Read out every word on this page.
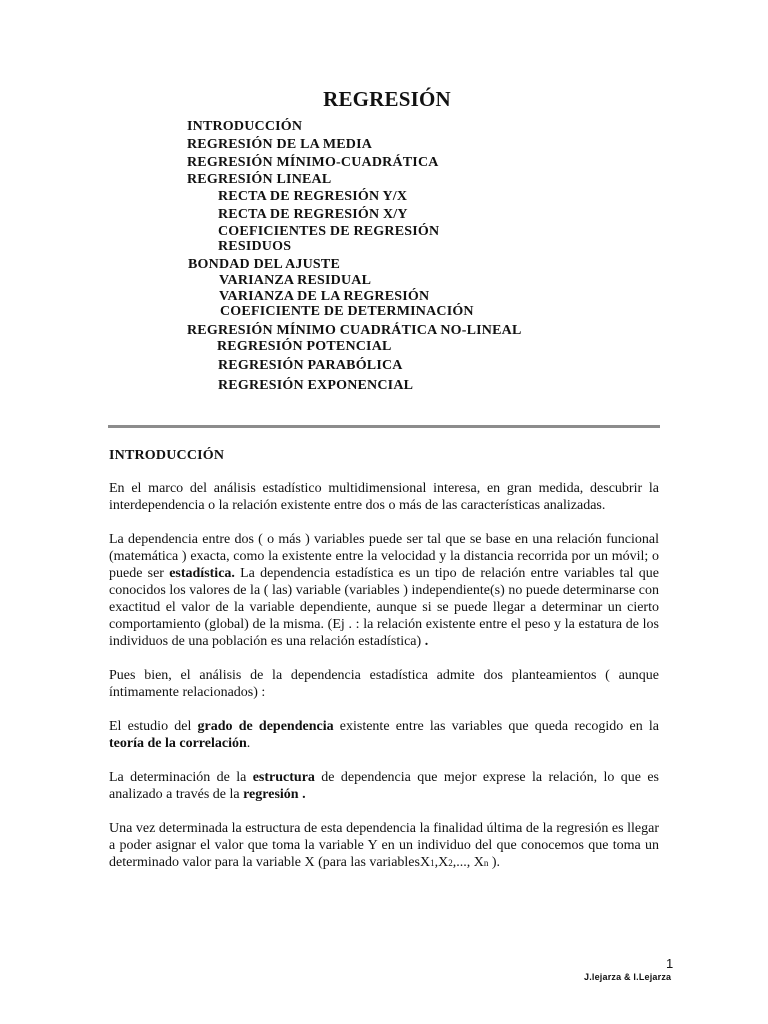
REGRESIÓN
INTRODUCCIÓN
REGRESIÓN DE LA MEDIA
REGRESIÓN MÍNIMO-CUADRÁTICA
REGRESIÓN LINEAL
RECTA DE REGRESIÓN Y/X
RECTA DE REGRESIÓN X/Y
COEFICIENTES DE REGRESIÓN
RESIDUOS
BONDAD DEL AJUSTE
VARIANZA RESIDUAL
VARIANZA DE LA REGRESIÓN
COEFICIENTE DE DETERMINACIÓN
REGRESIÓN MÍNIMO CUADRÁTICA NO-LINEAL
REGRESIÓN POTENCIAL
REGRESIÓN PARABÓLICA
REGRESIÓN EXPONENCIAL
INTRODUCCIÓN

En el marco del análisis estadístico multidimensional interesa, en gran medida, descubrir la interdependencia o la relación existente entre dos o más de las características analizadas.

La dependencia entre dos ( o más ) variables puede ser tal que se base en una relación funcional (matemática ) exacta, como la existente entre la velocidad y la distancia recorrida por un móvil; o puede ser estadística. La dependencia estadística es un tipo de relación entre variables tal que conocidos los valores de la ( las) variable (variables ) independiente(s) no puede determinarse con exactitud el valor de la variable dependiente, aunque si se puede llegar a determinar un cierto comportamiento (global) de la misma. (Ej . : la relación existente entre el peso y la estatura de los individuos de una población es una relación estadística) .

Pues bien, el análisis de la dependencia estadística admite dos planteamientos ( aunque íntimamente relacionados) :

El estudio del grado de dependencia existente entre las variables que queda recogido en la teoría de la correlación.

La determinación de la estructura de dependencia que mejor exprese la relación, lo que es analizado a través de la regresión .

Una vez determinada la estructura de esta dependencia la finalidad última de la regresión es llegar a poder asignar el valor que toma la variable Y en un individuo del que conocemos que toma un determinado valor para la variable X (para las variablesX1,X2,..., Xn ).

1
J.lejarza & I.Lejarza
